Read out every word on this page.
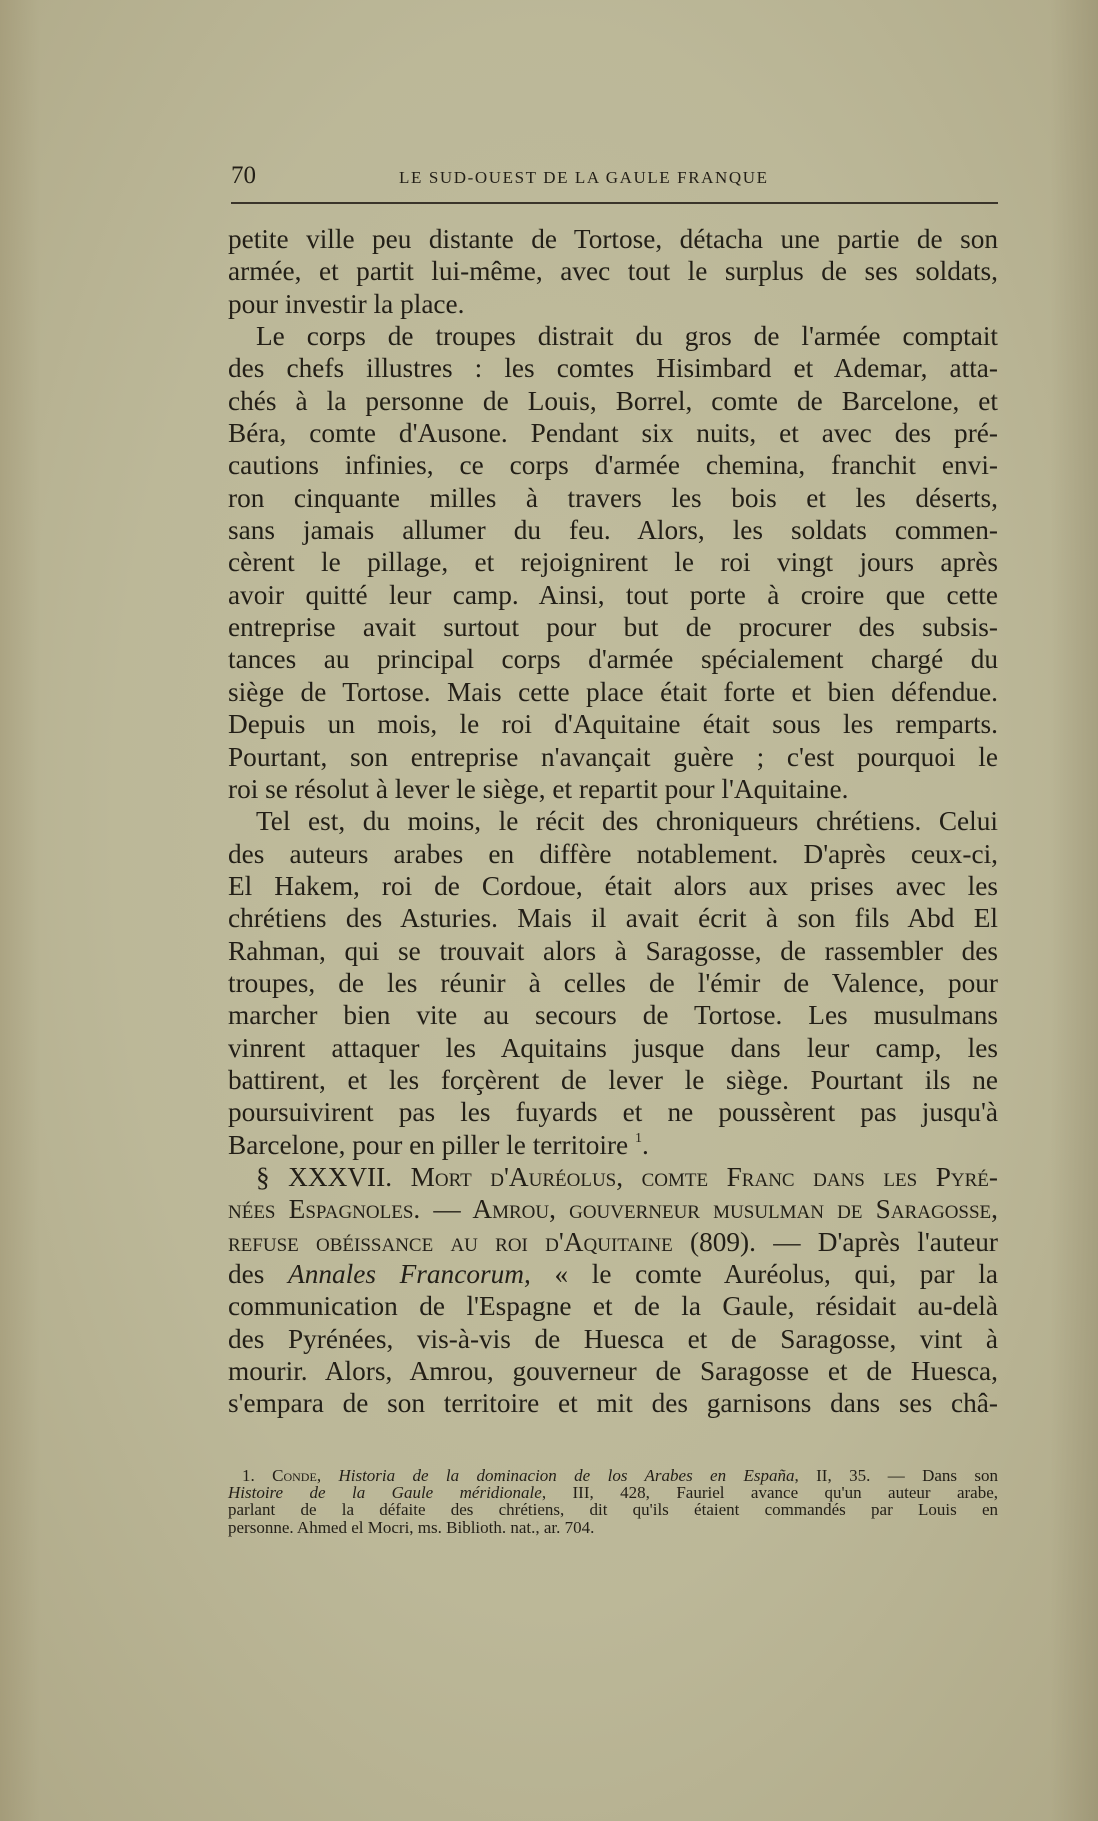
70	LE SUD-OUEST DE LA GAULE FRANQUE
petite ville peu distante de Tortose, détacha une partie de son
armée, et partit lui-même, avec tout le surplus de ses soldats,
pour investir la place.
Le corps de troupes distrait du gros de l'armée comptait
des chefs illustres : les comtes Hisimbard et Ademar, atta-
chés à la personne de Louis, Borrel, comte de Barcelone, et
Béra, comte d'Ausone. Pendant six nuits, et avec des pré-
cautions infinies, ce corps d'armée chemina, franchit envi-
ron cinquante milles à travers les bois et les déserts,
sans jamais allumer du feu. Alors, les soldats commen-
cèrent le pillage, et rejoignirent le roi vingt jours après
avoir quitté leur camp. Ainsi, tout porte à croire que cette
entreprise avait surtout pour but de procurer des subsis-
tances au principal corps d'armée spécialement chargé du
siège de Tortose. Mais cette place était forte et bien défendue.
Depuis un mois, le roi d'Aquitaine était sous les remparts.
Pourtant, son entreprise n'avançait guère ; c'est pourquoi le
roi se résolut à lever le siège, et repartit pour l'Aquitaine.
Tel est, du moins, le récit des chroniqueurs chrétiens. Celui
des auteurs arabes en diffère notablement. D'après ceux-ci,
El Hakem, roi de Cordoue, était alors aux prises avec les
chrétiens des Asturies. Mais il avait écrit à son fils Abd El
Rahman, qui se trouvait alors à Saragosse, de rassembler des
troupes, de les réunir à celles de l'émir de Valence, pour
marcher bien vite au secours de Tortose. Les musulmans
vinrent attaquer les Aquitains jusque dans leur camp, les
battirent, et les forçèrent de lever le siège. Pourtant ils ne
poursuivirent pas les fuyards et ne poussèrent pas jusqu'à
Barcelone, pour en piller le territoire $^1$.
§ XXXVII. Mort d'Auréolus, comte Franc dans les Pyré-
nées Espagnoles. — Amrou, gouverneur musulman de Saragosse,
refuse obéissance au roi d'Aquitaine (809). — D'après l'auteur
des Annales Francorum, « le comte Auréolus, qui, par la
communication de l'Espagne et de la Gaule, résidait au-delà
des Pyrénées, vis-à-vis de Huesca et de Saragosse, vint à
mourir. Alors, Amrou, gouverneur de Saragosse et de Huesca,
s'empara de son territoire et mit des garnisons dans ses châ-
1. Conde, Historia de la dominacion de los Arabes en España, II, 35. — Dans son
Histoire de la Gaule méridionale, III, 428, Fauriel avance qu'un auteur arabe,
parlant de la défaite des chrétiens, dit qu'ils étaient commandés par Louis en
personne. Ahmed el Mocri, ms. Biblioth. nat., ar. 704.
